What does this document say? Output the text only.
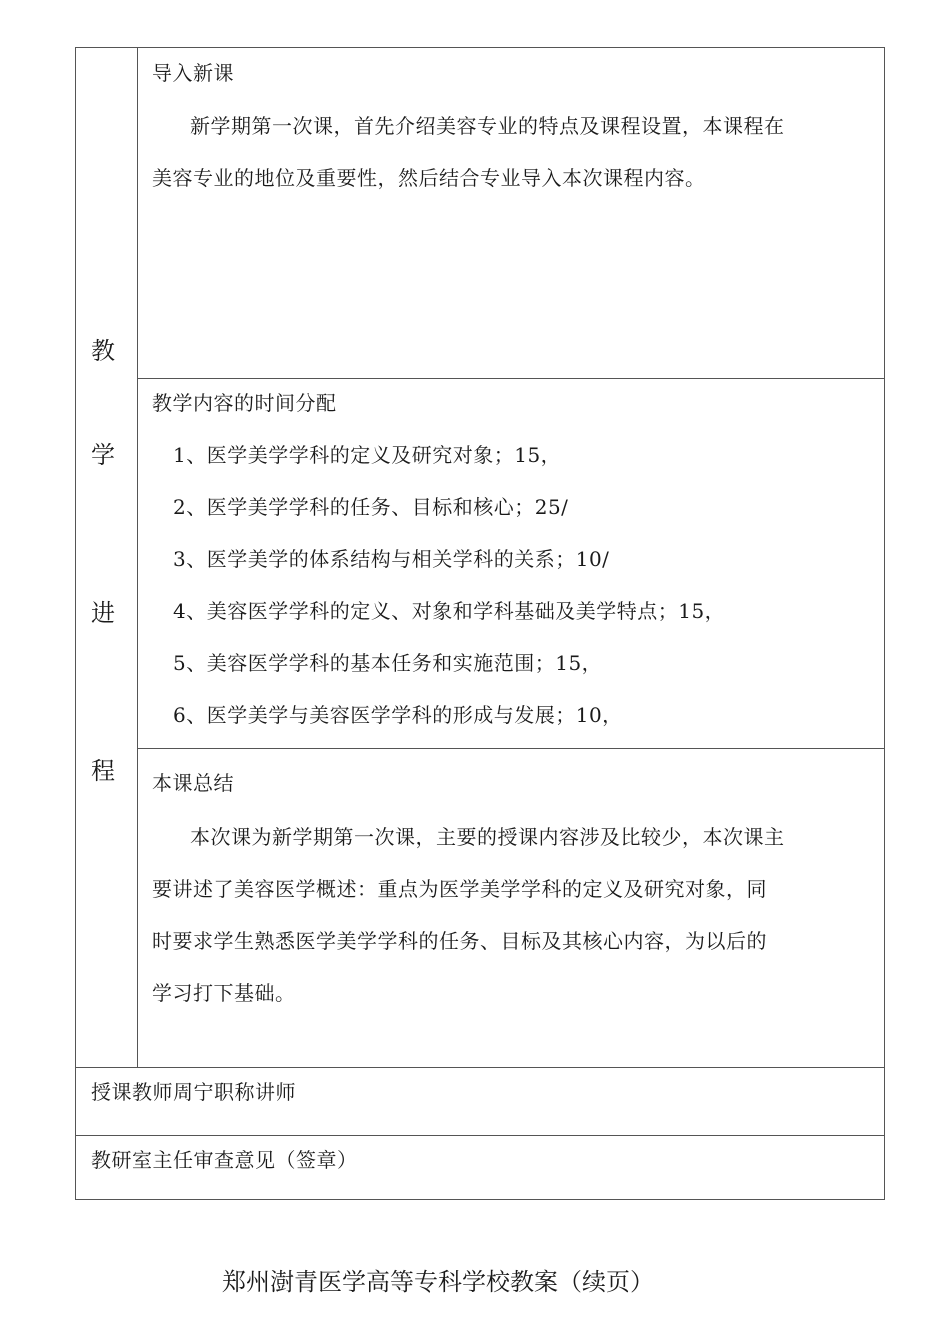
教
学
进
程
导入新课
新学期第一次课，首先介绍美容专业的特点及课程设置，本课程在
美容专业的地位及重要性，然后结合专业导入本次课程内容。
教学内容的时间分配
1、医学美学学科的定义及研究对象；15，
2、医学美学学科的任务、目标和核心；25/
3、医学美学的体系结构与相关学科的关系；10/
4、美容医学学科的定义、对象和学科基础及美学特点；15，
5、美容医学学科的基本任务和实施范围；15，
6、医学美学与美容医学学科的形成与发展；10，
本课总结
本次课为新学期第一次课，主要的授课内容涉及比较少，本次课主
要讲述了美容医学概述：重点为医学美学学科的定义及研究对象，同
时要求学生熟悉医学美学学科的任务、目标及其核心内容，为以后的
学习打下基础。
授课教师周宁职称讲师
教研室主任审查意见（签章）
郑州澍青医学高等专科学校教案（续页）
